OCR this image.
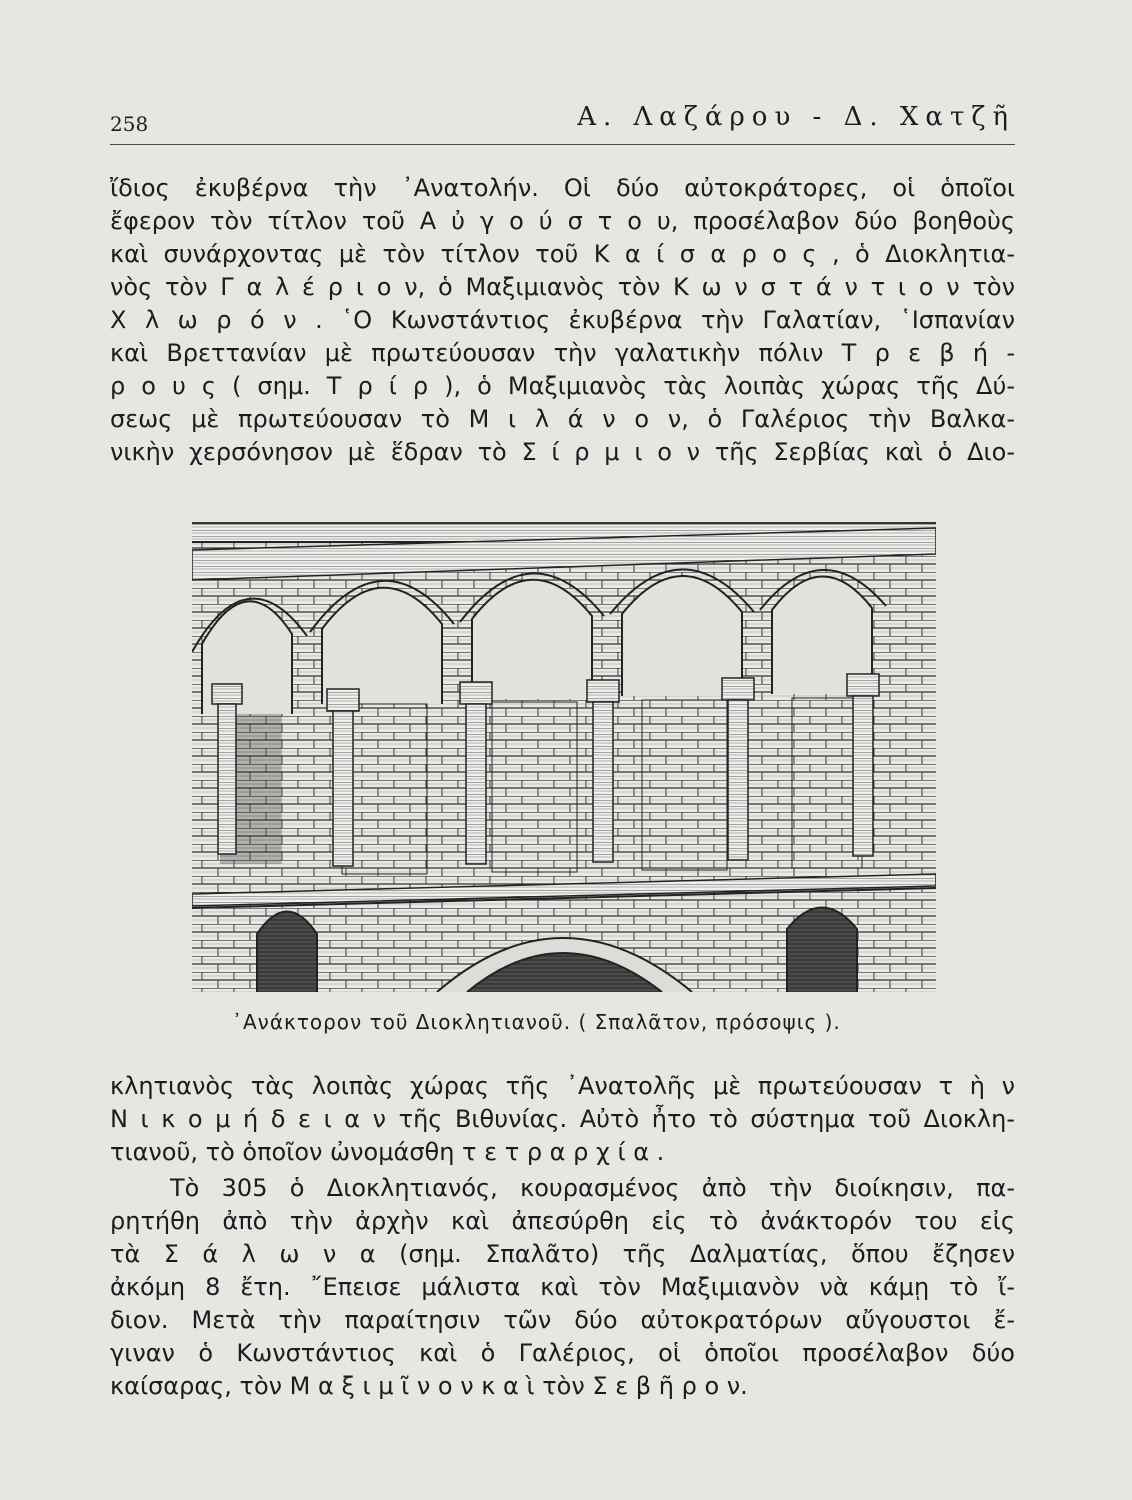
258	Α. Λαζάρου - Δ. Χατζῆ
ἴδιος ἐκυβέρνα τὴν ᾿Ανατολήν. Οἱ δύο αὐτοκράτορες, οἱ ὁποῖοι
ἔφερον τὸν τίτλον τοῦ Α ὐ γ ο ύ σ τ ο υ, προσέλαβον δύο βοηθοὺς
καὶ συνάρχοντας μὲ τὸν τίτλον τοῦ Κ α ί σ α ρ ο ς , ὁ Διοκλητια-
νὸς τὸν Γ α λ έ ρ ι ο ν, ὁ Μαξιμιανὸς τὸν Κ ω ν σ τ ά ν τ ι ο ν τὸν
Χ λ ω ρ ό ν . ῾Ο Κωνστάντιος ἐκυβέρνα τὴν Γαλατίαν, ῾Ισπανίαν
καὶ Βρεττανίαν μὲ πρωτεύουσαν τὴν γαλατικὴν πόλιν Τ ρ ε β ή -
ρ ο υ ς ( σημ. Τ ρ ί ρ ), ὁ Μαξιμιανὸς τὰς λοιπὰς χώρας τῆς Δύ-
σεως μὲ πρωτεύουσαν τὸ Μ ι λ ά ν ο ν, ὁ Γαλέριος τὴν Βαλκα-
νικὴν χερσόνησον μὲ ἕδραν τὸ Σ ί ρ μ ι ο ν τῆς Σερβίας καὶ ὁ Διο-
᾿Ανάκτορον τοῦ Διοκλητιανοῦ. ( Σπαλᾶτον, πρόσοψις ).
κλητιανὸς τὰς λοιπὰς χώρας τῆς ᾿Ανατολῆς μὲ πρωτεύουσαν τ ὴ ν
Ν ι κ ο μ ή δ ε ι α ν τῆς Βιθυνίας. Αὐτὸ ἦτο τὸ σύστημα τοῦ Διοκλη-
τιανοῦ, τὸ ὁποῖον ὠνομάσθη τ ε τ ρ α ρ χ ί α .
Τὸ 305 ὁ Διοκλητιανός, κουρασμένος ἀπὸ τὴν διοίκησιν, πα-
ρητήθη ἀπὸ τὴν ἀρχὴν καὶ ἀπεσύρθη εἰς τὸ ἀνάκτορόν του εἰς
τὰ Σ ά λ ω ν α (σημ. Σπαλᾶτο) τῆς Δαλματίας, ὅπου ἔζησεν
ἀκόμη 8 ἔτη. ῎Επεισε μάλιστα καὶ τὸν Μαξιμιανὸν νὰ κάμῃ τὸ ἴ-
διον. Μετὰ τὴν παραίτησιν τῶν δύο αὐτοκρατόρων αὔγουστοι ἔ-
γιναν ὁ Κωνστάντιος καὶ ὁ Γαλέριος, οἱ ὁποῖοι προσέλαβον δύο
καίσαρας, τὸν Μ α ξ ι μ ῖ ν ο ν κ α ὶ τὸν Σ ε β ῆ ρ ο ν.
